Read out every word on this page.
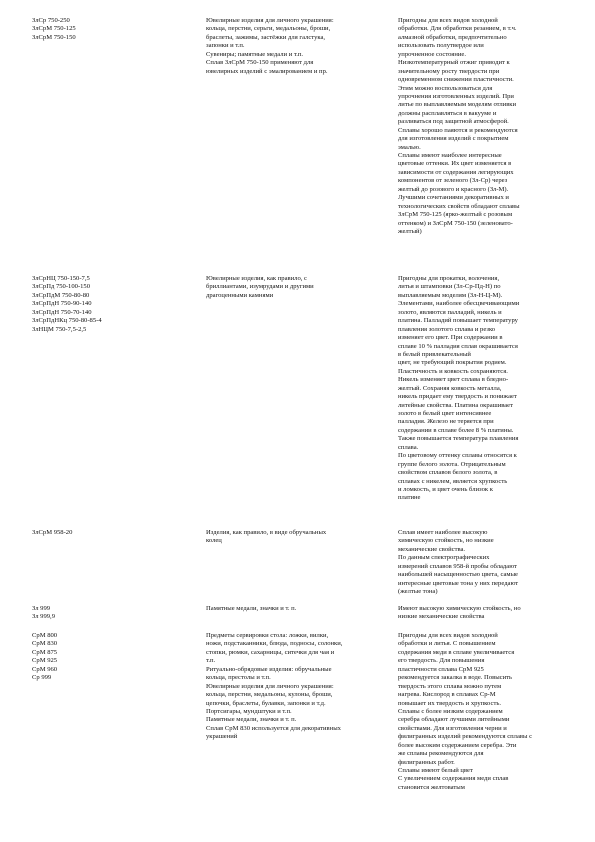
ЗлСр 750-250
ЗлСрМ 750-125
ЗлСрМ 750-150
Ювелирные изделия для личного украшения:
кольца, перстни, серьги, медальоны, броши,
браслеты, зажимы, застёжки для галстука,
запонки и т.п.
Сувениры; памятные медали и т.п.
Сплав ЗлСрМ 750-150 применяют для
ювелирных изделий с эмалированием и пр.
Пригодны для всех видов холодной
обработки. Для обработки резанием, в т.ч.
алмазной обработки, предпочтительно
использовать полутвердое или
упрочненное состояние.
Низкотемпературный отжиг приводит к
значительному росту твердости при
одновременном снижении пластичности.
Этим можно воспользоваться для
упрочнения изготовленных изделий. При
литье по выплавляемым моделям отливки
должны расплавляться в вакууме и
разливаться под защитной атмосферой.
Сплавы хорошо паяются и рекомендуются
для изготовления изделий с покрытием
эмалью.
Сплавы имеют наиболее интересные
цветовые оттенки. Их цвет изменяется в
зависимости от содержания легирующих
компонентов от зеленого (Зл-Ср) через
желтый до розового и красного (Зл-М).
Лучшими сочетаниями декоративных и
технологических свойств обладают сплавы
ЗлСрМ 750-125 (ярко-желтый с розовым
оттенком) и ЗлСрМ 750-150 (зеленовато-
желтый)
ЗлСрНЦ 750-150-7,5
ЗлСрПд 750-100-150
ЗлСрПдМ 750-80-80
ЗлСрПдН 750-90-140
ЗлСрПдН 750-70-140
ЗлСрПдНКц 750-80-85-4
ЗлНЦМ 750-7,5-2,5
Ювелирные изделия, как правило, с
бриллиантами, изумрудами и другими
драгоценными камнями
Пригодны для прокатки, волочения,
литья и штамповки (Зл-Ср-Пд-Н) по
выплавляемым моделям (Зл-Н-Ц-М).
Элементами, наиболее обесцвечивающими
золото, являются палладий, никель и
платина. Палладий повышает температуру
плавления золотого сплава и резко
изменяет его цвет. При содержании в
сплаве 10 % палладия сплав окрашивается
в белый привлекательный
цвет, не требующий покрытия родием.
Пластичность и ковкость сохраняются.
Никель изменяет цвет сплава в бледно-
желтый. Сохраняя ковкость металла,
никель придает ему твердость и понижает
литейные свойства. Платина окрашивает
золото в белый цвет интенсивнее
палладия. Железо не теряется при
содержании в сплаве более 8 % платины.
Также повышается температура плавления
сплава.
По цветовому оттенку сплавы относятся к
группе белого золота. Отрицательным
свойством сплавов белого золота, в
сплавах с никелем, является хрупкость
и ломкость, и цвет очень близок к
платине
ЗлСрМ 958-20	Изделия, как правило, в виде обручальных
колец
Сплав имеет наиболее высокую
химическую стойкость, но низкие
механические свойства.
По данным спектрографических
измерений сплавов 958-й пробы обладают
наибольшей насыщенностью цвета, самые
интересные цветовые тона у них передают
(желтые тона)
Зл 999
Зл 999,9
Памятные медали, значки и т. п.	Имеют высокую химическую стойкость, но
низкие механические свойства
СрМ 800
СрМ 830
СрМ 875
СрМ 925
СрМ 960
Ср 999
Предметы сервировки стола: ложки, вилки,
ножи, подстаканники, блюда, подносы, солонки,
стопки, рюмки, сахарницы, ситечки для чая и
т.п.
Ритуально-обрядовые изделия: обручальные
кольца, престолы и т.п.
Ювелирные изделия для личного украшения:
кольца, перстни, медальоны, кулоны, броши,
цепочки, браслеты, булавки, запонки и т.д.
Портсигары, мундштуки и т.п.
Памятные медали, значки и т. п.
Сплав СрМ 830 используется для декоративных
украшений
Пригодны для всех видов холодной
обработки и литья. С повышением
содержания меди в сплаве увеличивается
его твердость. Для повышения
пластичности сплава СрМ 925
рекомендуется закалка в воде. Повысить
твердость этого сплава можно путем
нагрева. Кислород в сплавах Ср-М
повышает их твердость и хрупкость.
Сплавы с более низким содержанием
серебра обладают лучшими литейными
свойствами. Для изготовления черни и
филигранных изделий рекомендуются сплавы с
более высоким содержанием серебра. Эти
же сплавы рекомендуются для
филигранных работ.
Сплавы имеют белый цвет
С увеличением содержания меди сплав
становится желтоватым
